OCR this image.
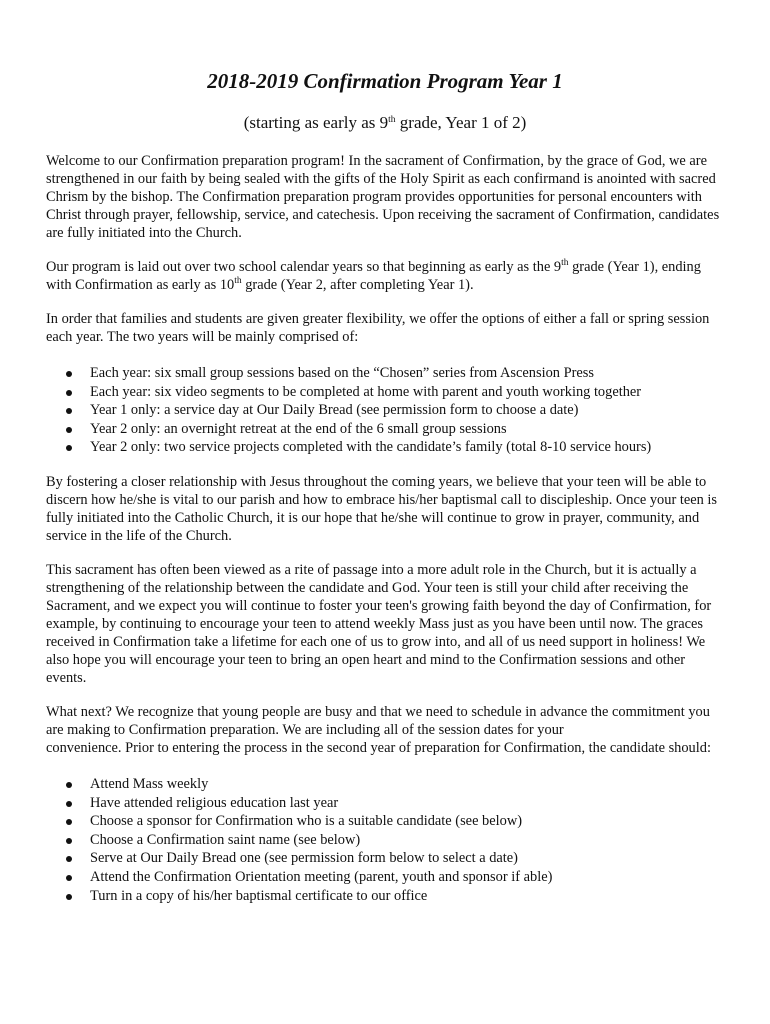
2018-2019 Confirmation Program Year 1

(starting as early as 9th grade, Year 1 of 2)

Welcome to our Confirmation preparation program! In the sacrament of Confirmation, by the grace of God, we are strengthened in our faith by being sealed with the gifts of the Holy Spirit as each confirmand is anointed with sacred Chrism by the bishop. The Confirmation preparation program provides opportunities for personal encounters with Christ through prayer, fellowship, service, and catechesis. Upon receiving the sacrament of Confirmation, candidates are fully initiated into the Church.

Our program is laid out over two school calendar years so that beginning as early as the 9th grade (Year 1), ending with Confirmation as early as 10th grade (Year 2, after completing Year 1).

In order that families and students are given greater flexibility, we offer the options of either a fall or spring session each year. The two years will be mainly comprised of:

Each year: six small group sessions based on the “Chosen” series from Ascension Press
Each year: six video segments to be completed at home with parent and youth working together
Year 1 only: a service day at Our Daily Bread (see permission form to choose a date)
Year 2 only: an overnight retreat at the end of the 6 small group sessions
Year 2 only: two service projects completed with the candidate’s family (total 8-10 service hours)

By fostering a closer relationship with Jesus throughout the coming years, we believe that your teen will be able to discern how he/she is vital to our parish and how to embrace his/her baptismal call to discipleship. Once your teen is fully initiated into the Catholic Church, it is our hope that he/she will continue to grow in prayer, community, and service in the life of the Church.

This sacrament has often been viewed as a rite of passage into a more adult role in the Church, but it is actually a strengthening of the relationship between the candidate and God. Your teen is still your child after receiving the Sacrament, and we expect you will continue to foster your teen's growing faith beyond the day of Confirmation, for example, by continuing to encourage your teen to attend weekly Mass just as you have been until now. The graces received in Confirmation take a lifetime for each one of us to grow into, and all of us need support in holiness! We also hope you will encourage your teen to bring an open heart and mind to the Confirmation sessions and other events.

What next? We recognize that young people are busy and that we need to schedule in advance the commitment you are making to Confirmation preparation. We are including all of the session dates for your
convenience. Prior to entering the process in the second year of preparation for Confirmation, the candidate should:

Attend Mass weekly
Have attended religious education last year
Choose a sponsor for Confirmation who is a suitable candidate (see below)
Choose a Confirmation saint name (see below)
Serve at Our Daily Bread one (see permission form below to select a date)
Attend the Confirmation Orientation meeting (parent, youth and sponsor if able)
Turn in a copy of his/her baptismal certificate to our office
